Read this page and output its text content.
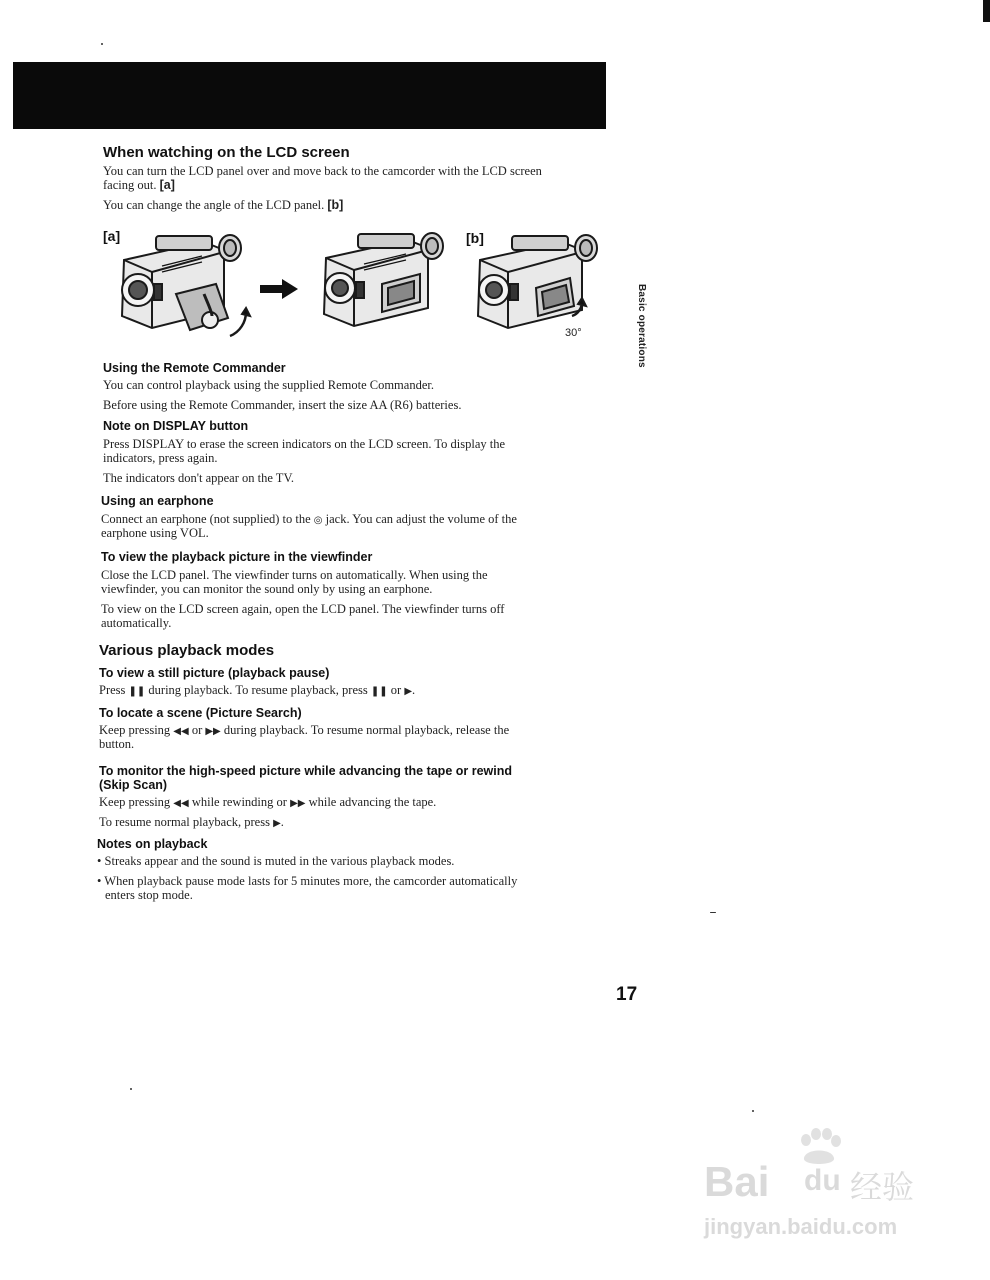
Basic operations
When watching on the LCD screen
You can turn the LCD panel over and move back to the camcorder with the LCD screen
facing out. [a]
You can change the angle of the LCD panel. [b]
[a]	[b]
30°
Using the Remote Commander
You can control playback using the supplied Remote Commander.
Before using the Remote Commander, insert the size AA (R6) batteries.
Note on DISPLAY button
Press DISPLAY to erase the screen indicators on the LCD screen. To display the
indicators, press again.
The indicators don't appear on the TV.
Using an earphone
Connect an earphone (not supplied) to the ◎ jack. You can adjust the volume of the
earphone using VOL.
To view the playback picture in the viewfinder
Close the LCD panel. The viewfinder turns on automatically. When using the
viewfinder, you can monitor the sound only by using an earphone.
To view on the LCD screen again, open the LCD panel. The viewfinder turns off
automatically.
Various playback modes
To view a still picture (playback pause)
Press ❚❚ during playback. To resume playback, press ❚❚ or ▶.
To locate a scene (Picture Search)
Keep pressing ◀◀ or ▶▶ during playback. To resume normal playback, release the
button.
To monitor the high-speed picture while advancing the tape or rewind
(Skip Scan)
Keep pressing ◀◀ while rewinding or ▶▶ while advancing the tape.
To resume normal playback, press ▶.
Notes on playback
• Streaks appear and the sound is muted in the various playback modes.
• When playback pause mode lasts for 5 minutes more, the camcorder automatically
enters stop mode.
17
Bai du 经验
jingyan.baidu.com
